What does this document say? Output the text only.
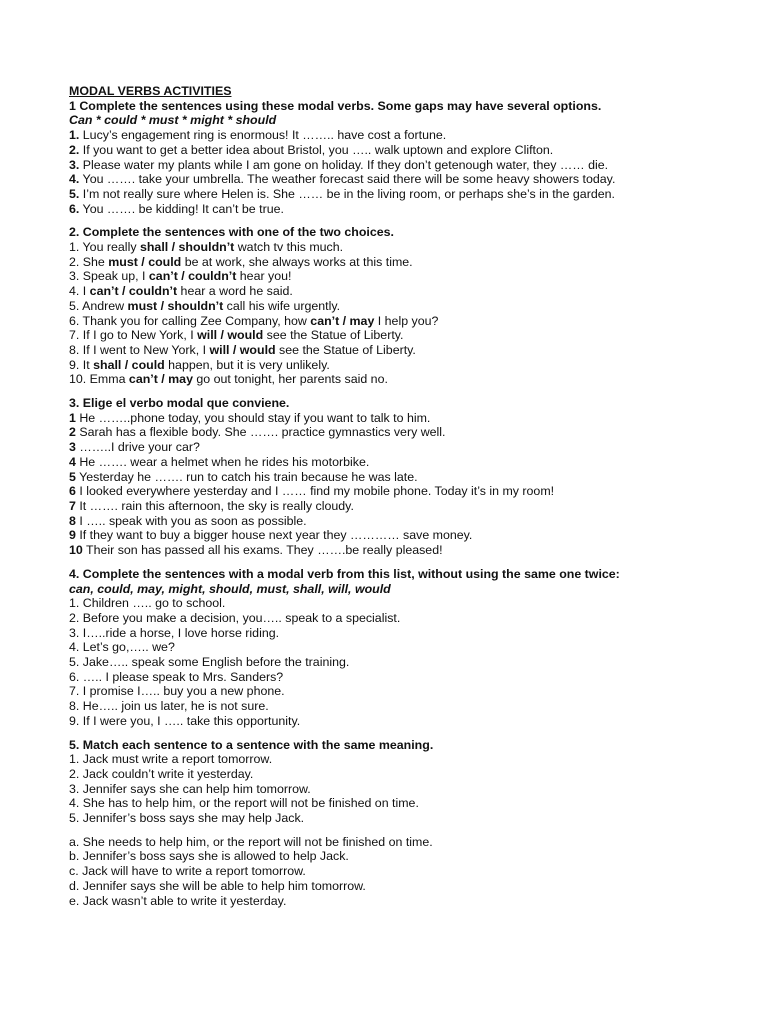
MODAL VERBS ACTIVITIES
1 Complete the sentences using these modal verbs. Some gaps may have several options.
Can * could * must * might * should
1. Lucy’s engagement ring is enormous! It …….. have cost a fortune.
2. If you want to get a better idea about Bristol, you ….. walk uptown and explore Clifton.
3. Please water my plants while I am gone on holiday. If they don’t getenough water, they …… die.
4. You ……. take your umbrella. The weather forecast said there will be some heavy showers today.
5. I’m not really sure where Helen is. She …… be in the living room, or perhaps she’s in the garden.
6. You ……. be kidding! It can’t be true.
2. Complete the sentences with one of the two choices.
1. You really shall / shouldn’t watch tv this much.
2. She must / could be at work, she always works at this time.
3. Speak up, I can’t / couldn’t hear you!
4. I can’t / couldn’t hear a word he said.
5. Andrew must / shouldn’t call his wife urgently.
6. Thank you for calling Zee Company, how can’t / may I help you?
7. If I go to New York, I will / would see the Statue of Liberty.
8. If I went to New York, I will / would see the Statue of Liberty.
9. It shall / could happen, but it is very unlikely.
10. Emma can’t / may go out tonight, her parents said no.
3. Elige el verbo modal que conviene.
1 He ……..phone today, you should stay if you want to talk to him.
2 Sarah has a flexible body. She ……. practice gymnastics very well.
3 ……..I drive your car?
4 He ……. wear a helmet when he rides his motorbike.
5 Yesterday he ……. run to catch his train because he was late.
6 I looked everywhere yesterday and I …… find my mobile phone. Today it’s in my room!
7 It ……. rain this afternoon, the sky is really cloudy.
8 I ….. speak with you as soon as possible.
9 If they want to buy a bigger house next year they ………… save money.
10 Their son has passed all his exams. They …….be really pleased!
4. Complete the sentences with a modal verb from this list, without using the same one twice:
can, could, may, might, should, must, shall, will, would
1. Children ….. go to school.
2. Before you make a decision, you….. speak to a specialist.
3. I…..ride a horse, I love horse riding.
4. Let’s go,….. we?
5. Jake….. speak some English before the training.
6. ….. I please speak to Mrs. Sanders?
7. I promise I….. buy you a new phone.
8. He….. join us later, he is not sure.
9. If I were you, I ….. take this opportunity.
5. Match each sentence to a sentence with the same meaning.
1. Jack must write a report tomorrow.
2. Jack couldn’t write it yesterday.
3. Jennifer says she can help him tomorrow.
4. She has to help him, or the report will not be finished on time.
5. Jennifer’s boss says she may help Jack.
a. She needs to help him, or the report will not be finished on time.
b. Jennifer’s boss says she is allowed to help Jack.
c. Jack will have to write a report tomorrow.
d. Jennifer says she will be able to help him tomorrow.
e. Jack wasn’t able to write it yesterday.
